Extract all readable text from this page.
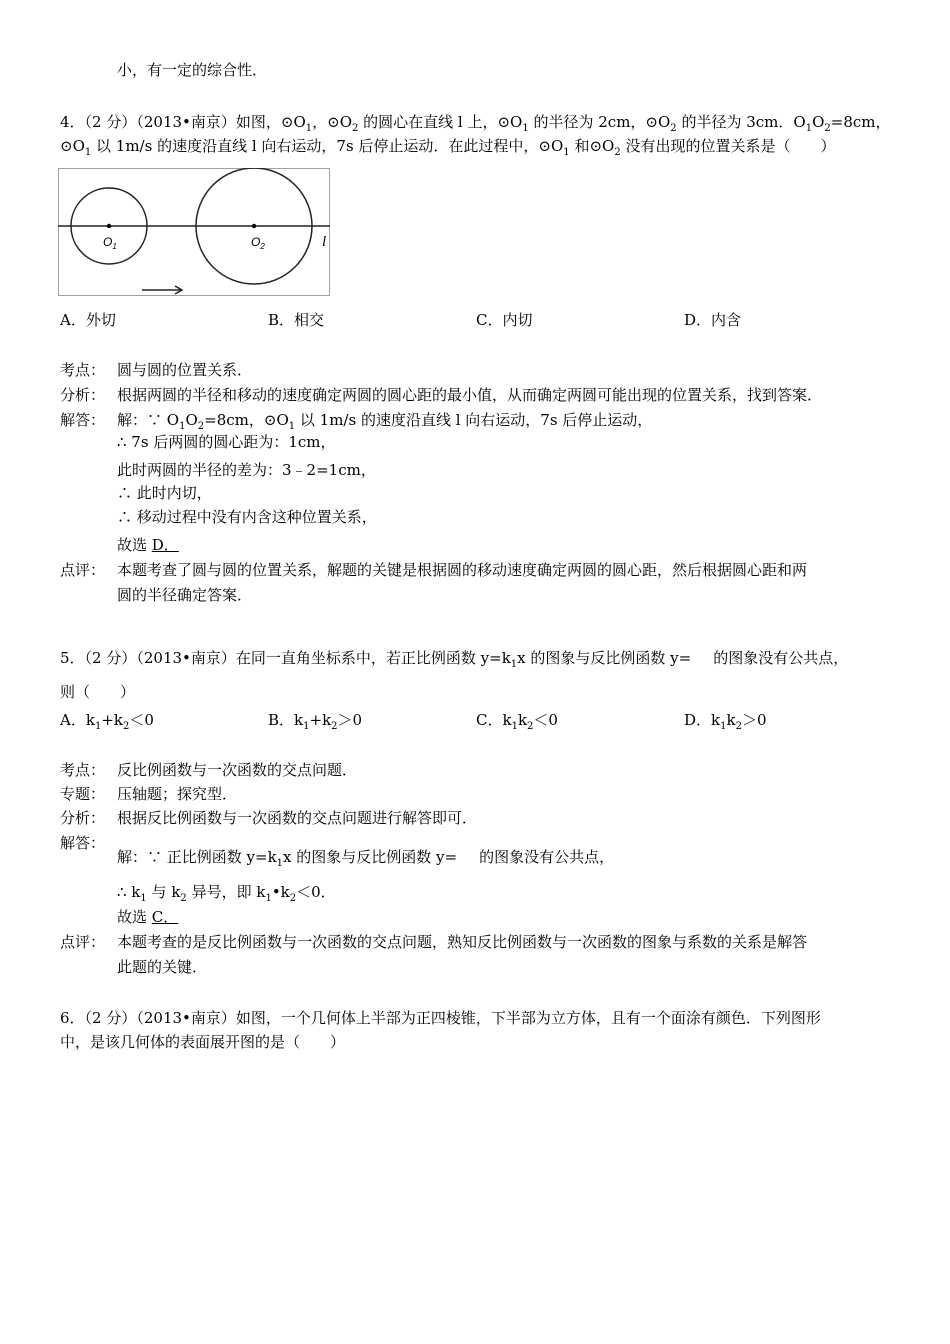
小，有一定的综合性．
4．（2 分）（2013•南京）如图，$⊙O_1$，$⊙O_2$ 的圆心在直线 l 上，$⊙O_1$ 的半径为 2cm，$⊙O_2$ 的半径为 3cm．$O_1O_2=8cm$，
$⊙O_1$ 以 1m/s 的速度沿直线 l 向右运动，7s 后停止运动．在此过程中，$⊙O_1$ 和$⊙O_2$ 没有出现的位置关系是（　　）
$O_1$	$O_2$	l
A．外切	B．相交	C．内切	D．内含
考点： 圆与圆的位置关系．
分析： 根据两圆的半径和移动的速度确定两圆的圆心距的最小值，从而确定两圆可能出现的位置关系，找到答案．
解答： 解：∵ $O_1O_2=8cm$，$⊙O_1$ 以 1m/s 的速度沿直线 l 向右运动，7s 后停止运动，
∴ 7s 后两圆的圆心距为：1cm，
此时两圆的半径的差为：3﹣2=1cm，
∴ 此时内切，
∴ 移动过程中没有内含这种位置关系，
故选 D．
点评： 本题考查了圆与圆的位置关系，解题的关键是根据圆的移动速度确定两圆的圆心距，然后根据圆心距和两
圆的半径确定答案．
5．（2 分）（2013•南京）在同一直角坐标系中，若正比例函数 $y=k_1x$ 的图象与反比例函数 y= 的图象没有公共点，
则（　　）
A．$k_1+k_2<0$	B．$k_1+k_2>0$	C．$k_1k_2<0$	D．$k_1k_2>0$
考点： 反比例函数与一次函数的交点问题．
专题： 压轴题；探究型．
分析： 根据反比例函数与一次函数的交点问题进行解答即可．
解答：
解：∵ 正比例函数 $y=k_1x$ 的图象与反比例函数 y= 的图象没有公共点，
∴ $k_1$ 与 $k_2$ 异号，即 $k_1•k_2<0$．
故选 C．
点评： 本题考查的是反比例函数与一次函数的交点问题，熟知反比例函数与一次函数的图象与系数的关系是解答
此题的关键．
6．（2 分）（2013•南京）如图，一个几何体上半部为正四棱锥，下半部为立方体，且有一个面涂有颜色．下列图形
中，是该几何体的表面展开图的是（　　）
